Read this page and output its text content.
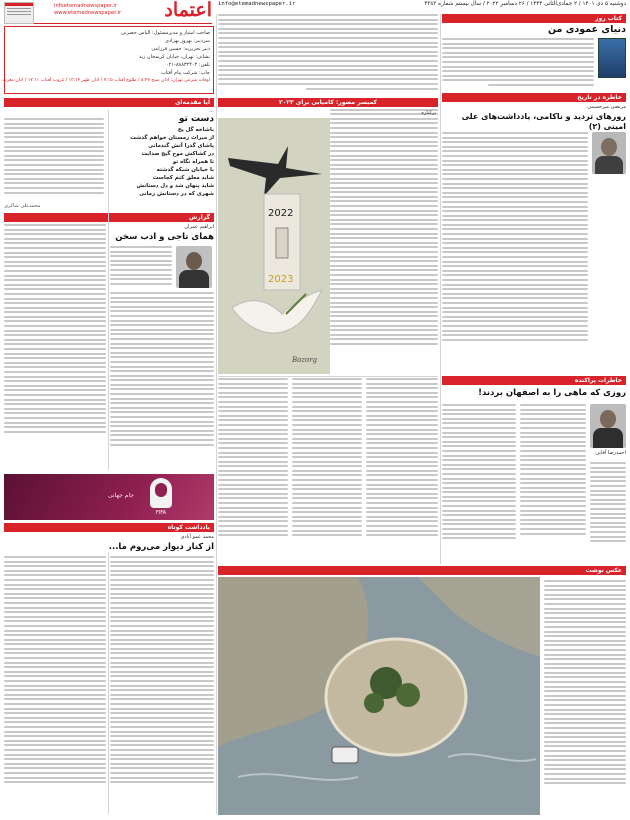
دوشنبه ۵ دی ۱۴۰۱ / ۲ جمادی‌الثانی ۱۴۴۴ / ۲۶ دسامبر ۲۰۲۲ / سال بیستم شماره ۴۳۸۳
info@etemadnewspaper.ir
infoetemadnewspaper.ir
www.etemadnewspaper.ir	اعتماد	کتاب روز
دنیای عمودی من
خاطره در تاریخ
مرتضی میرحسینی
روزهای تردید و ناکامی، یادداشت‌های علی امینی (۲)
صاحب امتیاز و مدیرمسئول: الیاس حضرتی
سردبیر: بهروز بهزادی
دبیر تحریریه: حسین فرزامی
نشانی: تهران، خیابان کریمخان زند
تلفن: ۸۸۸۳۲۴۰۴-۰۲۱
چاپ: شرکت پیام آفتاب
اوقات شرعی تهران: اذان صبح ۵:۴۷ / طلوع آفتاب ۷:۱۵ / اذان ظهر ۱۲:۱۴ / غروب آفتاب ۱۷:۱۱ / اذان مغرب
کمیسر مصور: کامیابی برای ۲۰۲۳
برکناره
Bozorg
2022
2023
آیا مقدمه‌ای
...
دست تو
باشاخه گل یخ
از میراث زمستان خواهم گذشت
پاشای گذرا آتش گندمانی
در کشاکش موج گیج صدایت
تا همراه نگاه تو
با خیابان شبکه گذشته
شاید معلق کنم کجاست
شاید پنهان شد و دل دستانش
شهری که در دستانش زمانی
محمدعلی شاکری
گزارش
ابراهیم عمران
همای تاجی و ادب سخن
FIFA
جام جهانی
یادداشت کوتاه
محمد عمو آبادی
از کنار دیوار می‌روم ما...
خاطرات پراکنده
روزی که ماهی را به اصفهان بردند!
احمدرضا آقایی
عکس نوشت
